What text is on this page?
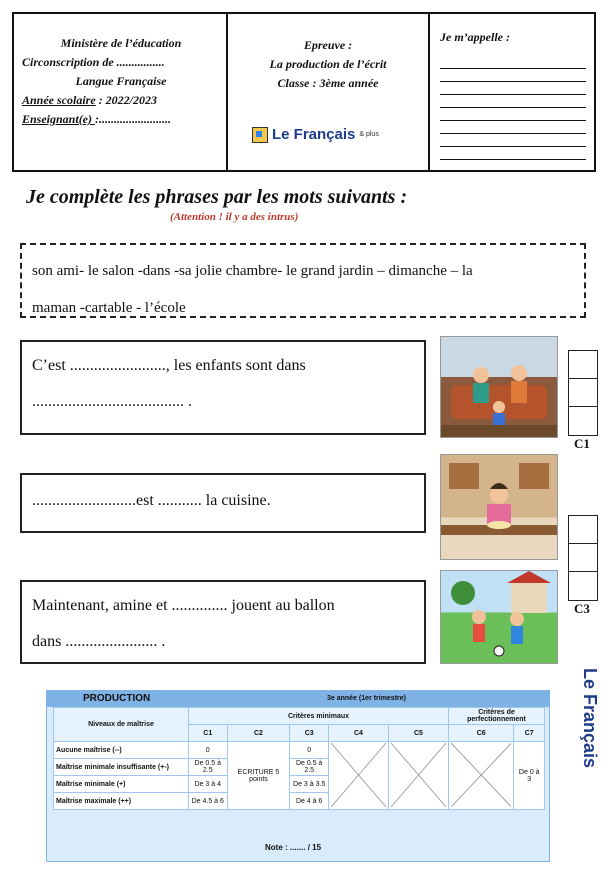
Ministère de l’éducation
Circonscription de ................
Langue Française
Année scolaire : 2022/2023
Enseignant(e) :........................
Epreuve :
La production de l’écrit
Classe : 3ème année
Le Français & plus
Je m’appelle :
Je complète les phrases par les mots suivants :
(Attention ! il y a des intrus)
son ami- le salon -dans -sa jolie chambre- le grand jardin – dimanche – la
maman -cartable - l’école
C’est ........................, les enfants sont dans
...................................... .
C1
..........................est ........... la cuisine.
C3
Maintenant, amine et .............. jouent au ballon
dans ....................... .
PRODUCTION	3e année (1er trimestre)
Niveaux de maîtrise	Critères minimaux					Critères de perfectionnement	
	C1	C2	C3	C4	C5	C6	C7
Aucune maîtrise (--)	0	ECRITURE 5 points	0				De 0 à 3
Maîtrise minimale insuffisante (+-)	De 0.5 à 2.5		De 0.5 à 2.5				
Maîtrise minimale (+)	De 3 à 4		De 3 à 3.5				
Maîtrise maximale (++)	De 4.5 à 6		De 4 à 6				
Note : ....... / 15
Le Français
